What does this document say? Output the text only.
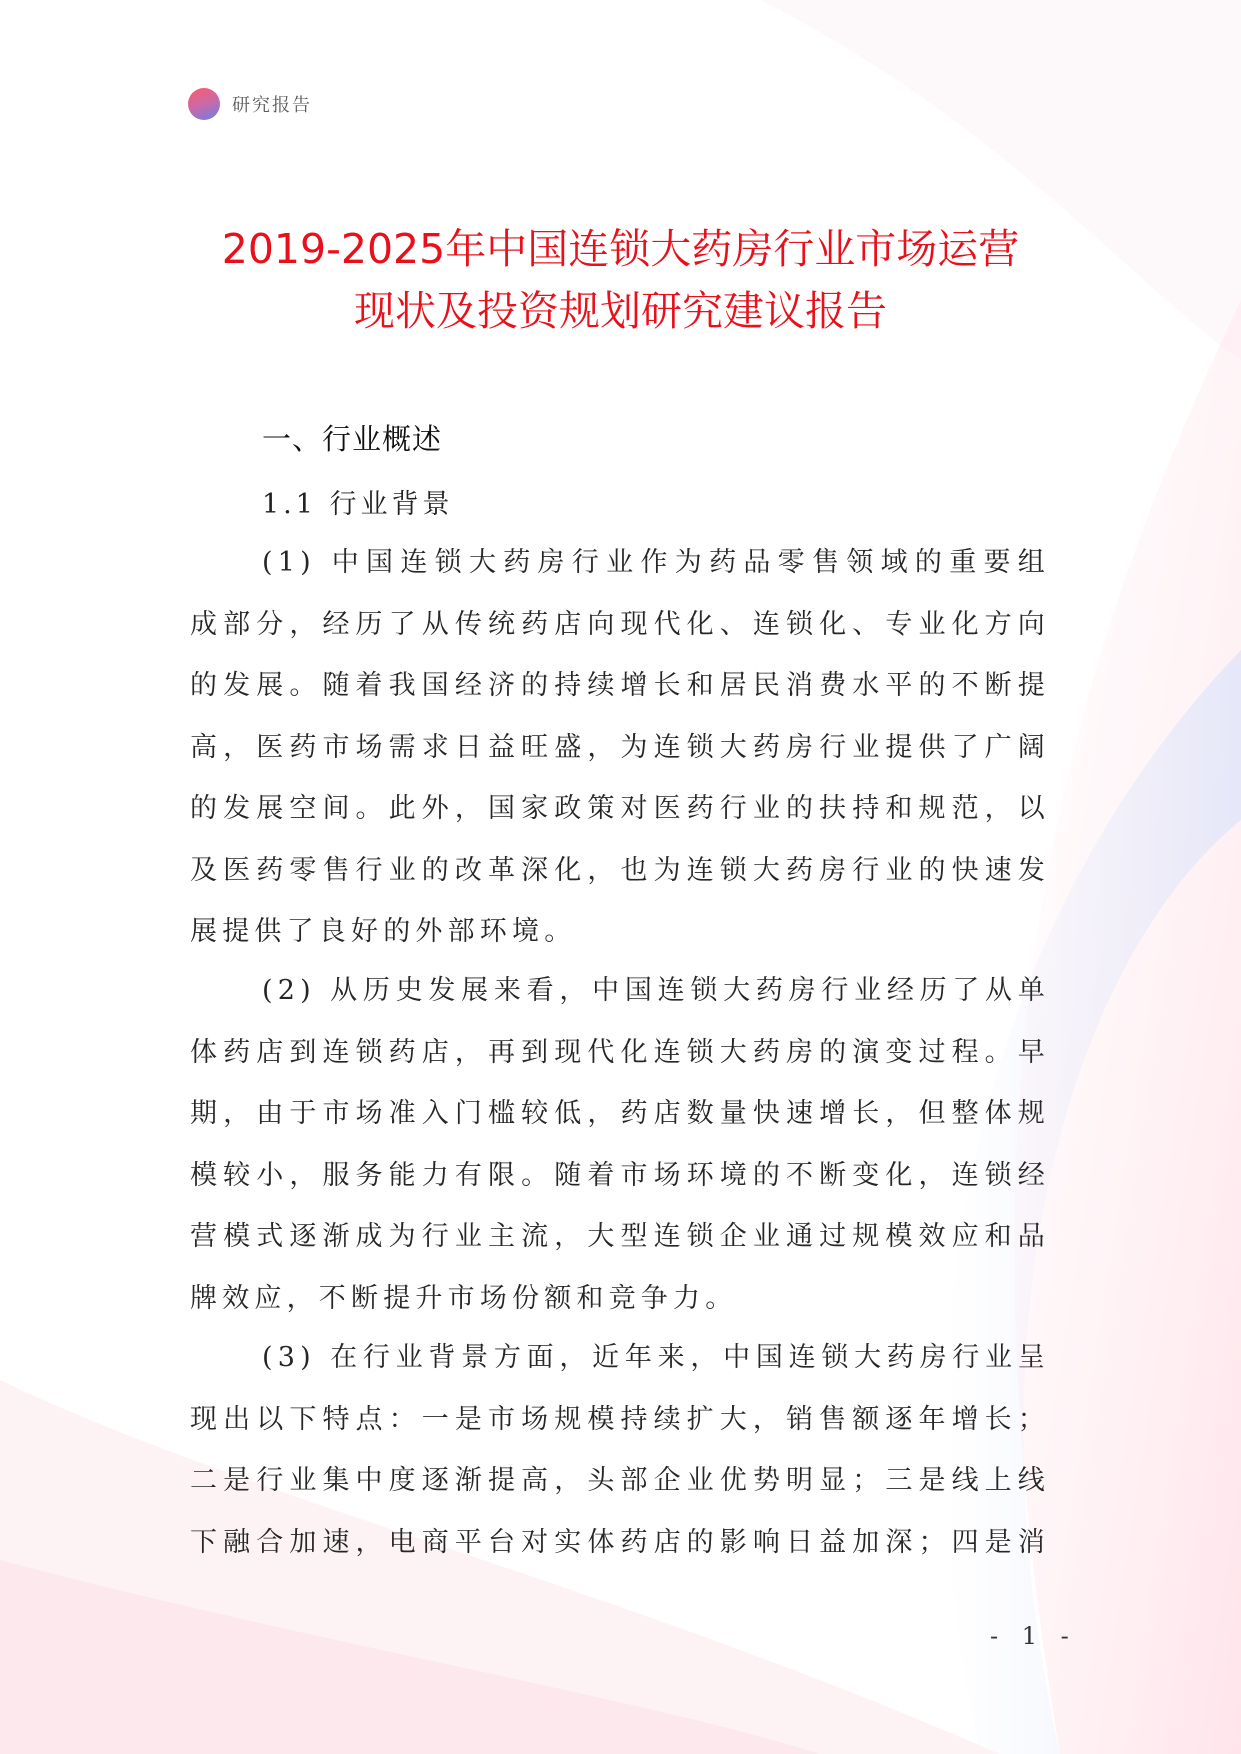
研究报告
2019-2025年中国连锁大药房行业市场运营
现状及投资规划研究建议报告
一、行业概述
1.1 行业背景

(1) 中国连锁大药房行业作为药品零售领域的重要组
成部分，经历了从传统药店向现代化、连锁化、专业化方向
的发展。随着我国经济的持续增长和居民消费水平的不断提
高，医药市场需求日益旺盛，为连锁大药房行业提供了广阔
的发展空间。此外，国家政策对医药行业的扶持和规范，以
及医药零售行业的改革深化，也为连锁大药房行业的快速发
展提供了良好的外部环境。

(2) 从历史发展来看，中国连锁大药房行业经历了从单
体药店到连锁药店，再到现代化连锁大药房的演变过程。早
期，由于市场准入门槛较低，药店数量快速增长，但整体规
模较小，服务能力有限。随着市场环境的不断变化，连锁经
营模式逐渐成为行业主流，大型连锁企业通过规模效应和品
牌效应，不断提升市场份额和竞争力。

(3) 在行业背景方面，近年来，中国连锁大药房行业呈
现出以下特点：一是市场规模持续扩大，销售额逐年增长；
二是行业集中度逐渐提高，头部企业优势明显；三是线上线
下融合加速，电商平台对实体药店的影响日益加深；四是消

- 1 -
